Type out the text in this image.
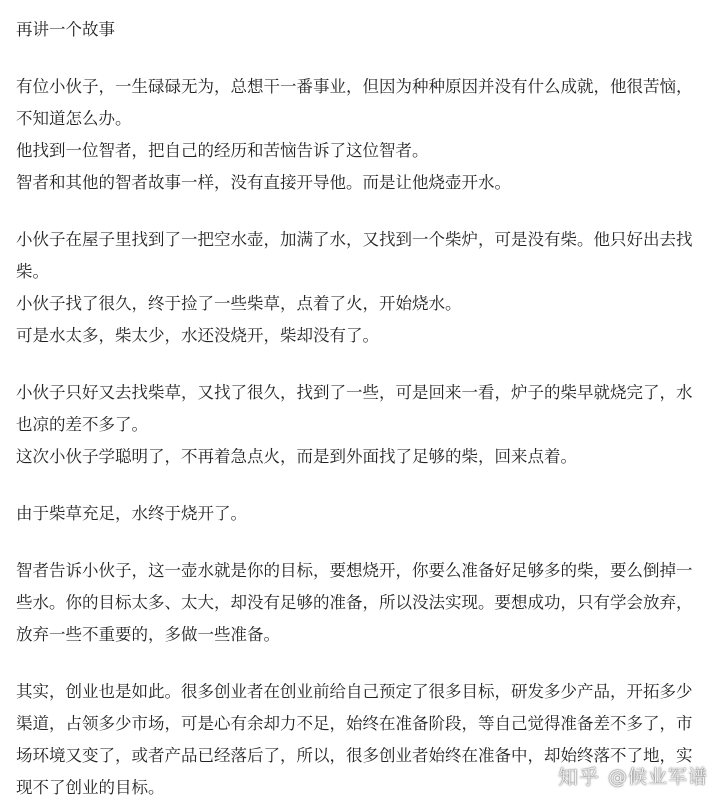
再讲一个故事

有位小伙子，一生碌碌无为，总想干一番事业，但因为种种原因并没有什么成就，他很苦恼，不知道怎么办。

他找到一位智者，把自己的经历和苦恼告诉了这位智者。

智者和其他的智者故事一样，没有直接开导他。而是让他烧壶开水。

小伙子在屋子里找到了一把空水壶，加满了水，又找到一个柴炉，可是没有柴。他只好出去找柴。

小伙子找了很久，终于捡了一些柴草，点着了火，开始烧水。

可是水太多，柴太少，水还没烧开，柴却没有了。

小伙子只好又去找柴草，又找了很久，找到了一些，可是回来一看，炉子的柴早就烧完了，水也凉的差不多了。

这次小伙子学聪明了，不再着急点火，而是到外面找了足够的柴，回来点着。

由于柴草充足，水终于烧开了。

智者告诉小伙子，这一壶水就是你的目标，要想烧开，你要么准备好足够多的柴，要么倒掉一些水。你的目标太多、太大，却没有足够的准备，所以没法实现。要想成功，只有学会放弃，放弃一些不重要的，多做一些准备。

其实，创业也是如此。很多创业者在创业前给自己预定了很多目标，研发多少产品，开拓多少渠道，占领多少市场，可是心有余却力不足，始终在准备阶段，等自己觉得准备差不多了，市场环境又变了，或者产品已经落后了，所以，很多创业者始终在准备中，却始终落不了地，实现不了创业的目标。	知乎 @候业军谱
